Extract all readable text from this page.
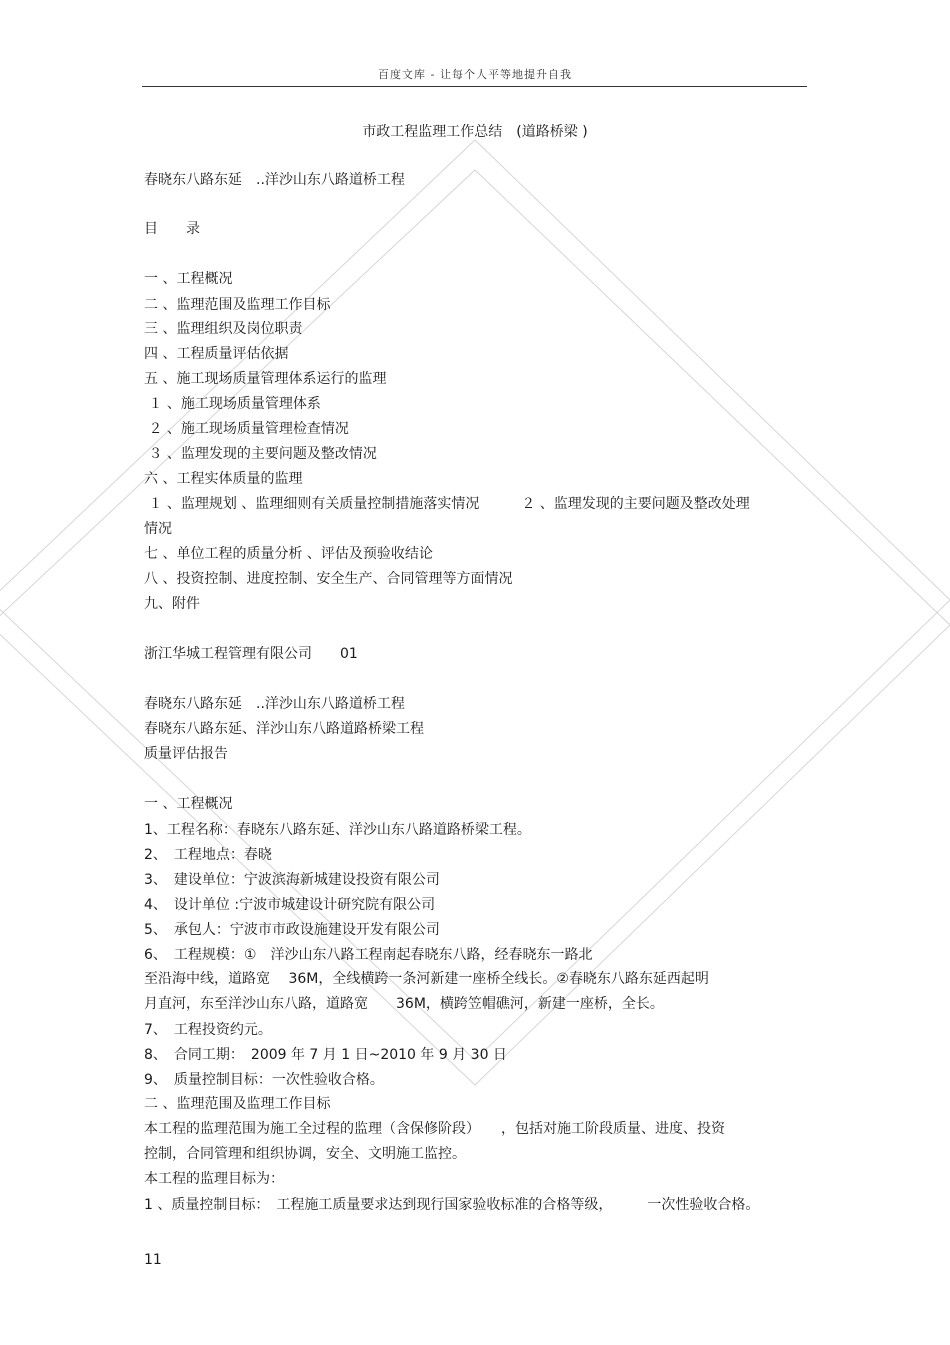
百度文库 - 让每个人平等地提升自我
市政工程监理工作总结　(道路桥梁 )
春晓东八路东延　..洋沙山东八路道桥工程
目　　录
一 、工程概况
二 、监理范围及监理工作目标
三 、监理组织及岗位职责
四 、工程质量评估依据
五 、施工现场质量管理体系运行的监理
１ 、施工现场质量管理体系
２ 、施工现场质量管理检查情况
３ 、监理发现的主要问题及整改情况
六 、工程实体质量的监理
１ 、监理规划 、监理细则有关质量控制措施落实情况　　　２ 、监理发现的主要问题及整改处理
情况
七 、单位工程的质量分析 、评估及预验收结论
八 、投资控制、进度控制、安全生产、合同管理等方面情况
九、附件
浙江华城工程管理有限公司　　01
春晓东八路东延　..洋沙山东八路道桥工程
春晓东八路东延、洋沙山东八路道路桥梁工程
质量评估报告
一 、工程概况
1、工程名称：春晓东八路东延、洋沙山东八路道路桥梁工程。
2、　工程地点：春晓
3、　建设单位：宁波滨海新城建设投资有限公司
4、　设计单位 :宁波市城建设计研究院有限公司
5、　承包人：宁波市市政设施建设开发有限公司
6、　工程规模：①　洋沙山东八路工程南起春晓东八路，经春晓东一路北
至沿海中线，道路宽　 36M，全线横跨一条河新建一座桥全线长。②春晓东八路东延西起明
月直河，东至洋沙山东八路，道路宽　　36M，横跨笠帽礁河，新建一座桥，全长。
7、　工程投资约元。
8、　合同工期：　2009 年 7 月 1 日~2010 年 9 月 30 日
9、　质量控制目标：一次性验收合格。
二 、监理范围及监理工作目标
本工程的监理范围为施工全过程的监理（含保修阶段）　　，包括对施工阶段质量、进度、投资
控制，合同管理和组织协调，安全、文明施工监控。
本工程的监理目标为：
1 、质量控制目标：　工程施工质量要求达到现行国家验收标准的合格等级，　　　一次性验收合格。
11
